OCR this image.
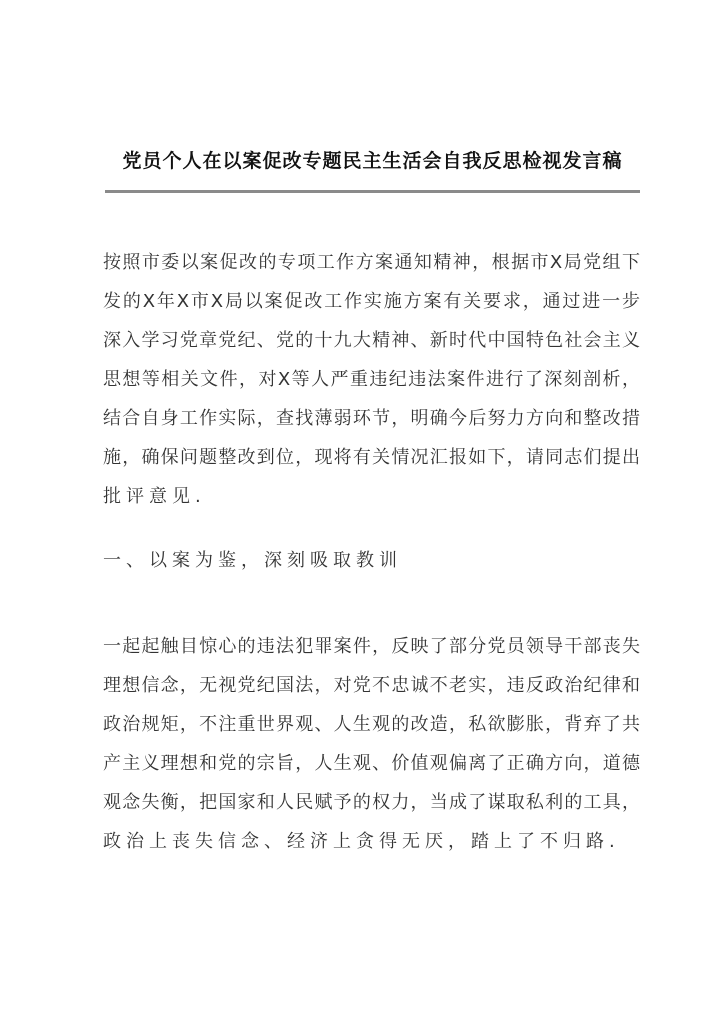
党员个人在以案促改专题民主生活会自我反思检视发言稿
按照市委以案促改的专项工作方案通知精神，根据市X局党组下
发的X年X市X局以案促改工作实施方案有关要求，通过进一步
深入学习党章党纪、党的十九大精神、新时代中国特色社会主义
思想等相关文件，对X等人严重违纪违法案件进行了深刻剖析，
结合自身工作实际，查找薄弱环节，明确今后努力方向和整改措
施，确保问题整改到位，现将有关情况汇报如下，请同志们提出
批评意见.
一、以案为鉴，深刻吸取教训
一起起触目惊心的违法犯罪案件，反映了部分党员领导干部丧失
理想信念，无视党纪国法，对党不忠诚不老实，违反政治纪律和
政治规矩，不注重世界观、人生观的改造，私欲膨胀，背弃了共
产主义理想和党的宗旨，人生观、价值观偏离了正确方向，道德
观念失衡，把国家和人民赋予的权力，当成了谋取私利的工具，
政治上丧失信念、经济上贪得无厌，踏上了不归路.
